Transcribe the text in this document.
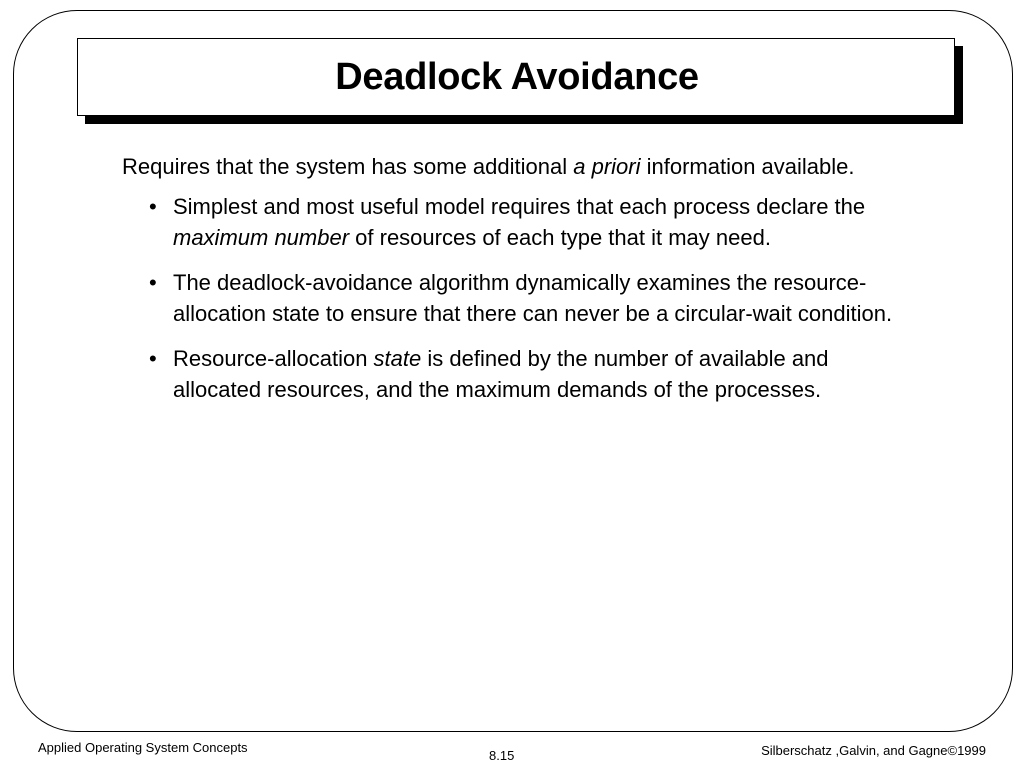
Deadlock Avoidance

Requires that the system has some additional a priori information available.

• Simplest and most useful model requires that each process declare the maximum number of resources of each type that it may need.
• The deadlock-avoidance algorithm dynamically examines the resource-allocation state to ensure that there can never be a circular-wait condition.
• Resource-allocation state is defined by the number of available and allocated resources, and the maximum demands of the processes.
Applied Operating System Concepts
8.15	Silberschatz ,Galvin, and Gagne©1999
